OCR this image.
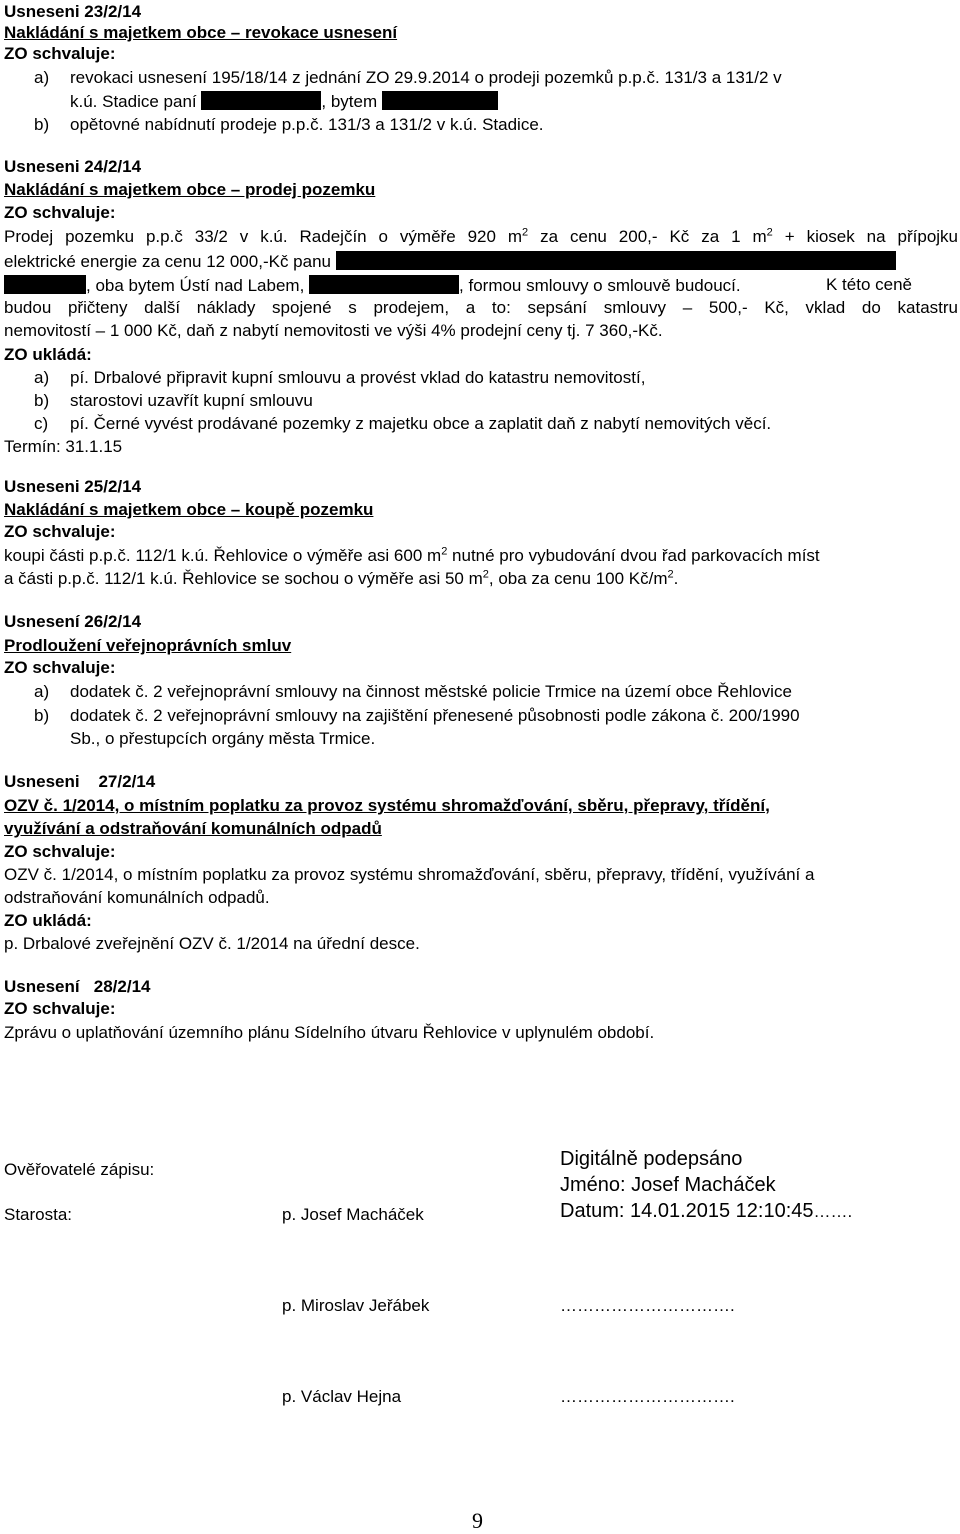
Usneseni 23/2/14
Nakládání s majetkem obce – revokace usnesení
ZO schvaluje:
a) revokaci usnesení 195/18/14 z jednání ZO 29.9.2014 o prodeji pozemků p.p.č. 131/3 a 131/2 v
k.ú. Stadice paní	, bytem
b) opětovné nabídnutí prodeje p.p.č. 131/3 a 131/2 v k.ú. Stadice.
Usneseni 24/2/14
Nakládání s majetkem obce – prodej pozemku
ZO schvaluje:
Prodej pozemku p.p.č 33/2 v k.ú. Radejčín o výměře 920 $m^2$ za cenu 200,- Kč za 1 $m^2$ + kiosek na přípojku
elektrické energie za cenu 12 000,-Kč panu
, oba bytem Ústí nad Labem,	, formou smlouvy o smlouvě budoucí.	K této ceně
budou přičteny další náklady spojené s prodejem, a to: sepsání smlouvy – 500,- Kč, vklad do katastru
nemovitostí – 1 000 Kč, daň z nabytí nemovitosti ve výši 4% prodejní ceny tj. 7 360,-Kč.
ZO ukládá:
a) pí. Drbalové připravit kupní smlouvu a provést vklad do katastru nemovitostí,
b) starostovi uzavřít kupní smlouvu
c) pí. Černé vyvést prodávané pozemky z majetku obce a zaplatit daň z nabytí nemovitých věcí.
Termín: 31.1.15
Usneseni 25/2/14
Nakládání s majetkem obce – koupě pozemku
ZO schvaluje:
koupi části p.p.č. 112/1 k.ú. Řehlovice o výměře asi 600 $m^2$ nutné pro vybudování dvou řad parkovacích míst
a části p.p.č. 112/1 k.ú. Řehlovice se sochou o výměře asi 50 $m^2$, oba za cenu 100 $Kč/m^2$.
Usnesení 26/2/14
Prodloužení veřejnoprávních smluv
ZO schvaluje:
a) dodatek č. 2 veřejnoprávní smlouvy na činnost městské policie Trmice na území obce Řehlovice
b) dodatek č. 2 veřejnoprávní smlouvy na zajištění přenesené působnosti podle zákona č. 200/1990
Sb., o přestupcích orgány města Trmice.
Usneseni    27/2/14
OZV č. 1/2014, o místním poplatku za provoz systému shromažďování, sběru, přepravy, třídění,
využívání a odstraňování komunálních odpadů
ZO schvaluje:
OZV č. 1/2014, o místním poplatku za provoz systému shromažďování, sběru, přepravy, třídění, využívání a
odstraňování komunálních odpadů.
ZO ukládá:
p. Drbalové zveřejnění OZV č. 1/2014 na úřední desce.
Usnesení   28/2/14
ZO schvaluje:
Zprávu o uplatňování územního plánu Sídelního útvaru Řehlovice v uplynulém období.
Ověřovatelé zápisu:	Digitálně podepsáno
Jméno: Josef Macháček
Starosta:	p. Josef Macháček	Datum: 14.01.2015 12:10:45…….
p. Miroslav Jeřábek	………………………….
p. Václav Hejna	………………………….
9
